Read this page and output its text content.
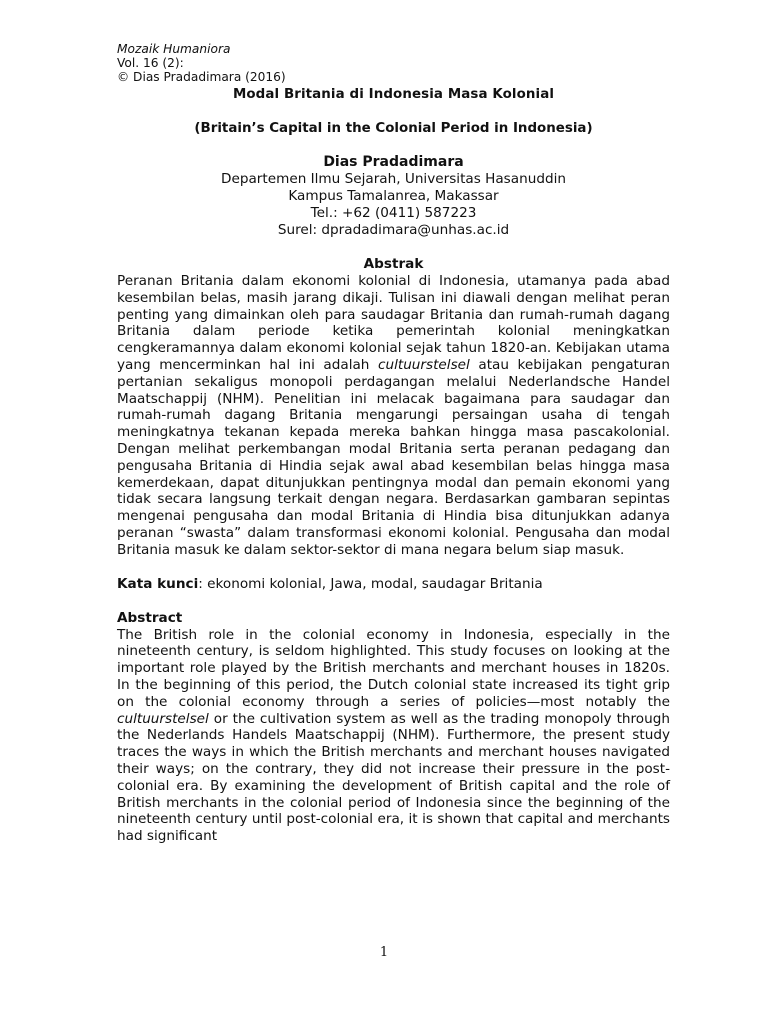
Mozaik Humaniora
Vol. 16 (2):
© Dias Pradadimara (2016)
Modal Britania di Indonesia Masa Kolonial
(Britain’s Capital in the Colonial Period in Indonesia)
Dias Pradadimara
Departemen Ilmu Sejarah, Universitas Hasanuddin
Kampus Tamalanrea, Makassar
Tel.: +62 (0411) 587223
Surel: dpradadimara@unhas.ac.id
Abstrak

Peranan Britania dalam ekonomi kolonial di Indonesia, utamanya pada abad kesembilan belas, masih jarang dikaji. Tulisan ini diawali dengan melihat peran penting yang dimainkan oleh para saudagar Britania dan rumah-rumah dagang Britania dalam periode ketika pemerintah kolonial meningkatkan cengkeramannya dalam ekonomi kolonial sejak tahun 1820-an. Kebijakan utama yang mencerminkan hal ini adalah cultuurstelsel atau kebijakan pengaturan pertanian sekaligus monopoli perdagangan melalui Nederlandsche Handel Maatschappij (NHM). Penelitian ini melacak bagaimana para saudagar dan rumah-rumah dagang Britania mengarungi persaingan usaha di tengah meningkatnya tekanan kepada mereka bahkan hingga masa pascakolonial. Dengan melihat perkembangan modal Britania serta peranan pedagang dan pengusaha Britania di Hindia sejak awal abad kesembilan belas hingga masa kemerdekaan, dapat ditunjukkan pentingnya modal dan pemain ekonomi yang tidak secara langsung terkait dengan negara. Berdasarkan gambaran sepintas mengenai pengusaha dan modal Britania di Hindia bisa ditunjukkan adanya peranan “swasta” dalam transformasi ekonomi kolonial. Pengusaha dan modal Britania masuk ke dalam sektor-sektor di mana negara belum siap masuk.

Kata kunci: ekonomi kolonial, Jawa, modal, saudagar Britania
Abstract

The British role in the colonial economy in Indonesia, especially in the nineteenth century, is seldom highlighted. This study focuses on looking at the important role played by the British merchants and merchant houses in 1820s. In the beginning of this period, the Dutch colonial state increased its tight grip on the colonial economy through a series of policies—most notably the cultuurstelsel or the cultivation system as well as the trading monopoly through the Nederlands Handels Maatschappij (NHM). Furthermore, the present study traces the ways in which the British merchants and merchant houses navigated their ways; on the contrary, they did not increase their pressure in the post-colonial era. By examining the development of British capital and the role of British merchants in the colonial period of Indonesia since the beginning of the nineteenth century until post-colonial era, it is shown that capital and merchants had significant

1
